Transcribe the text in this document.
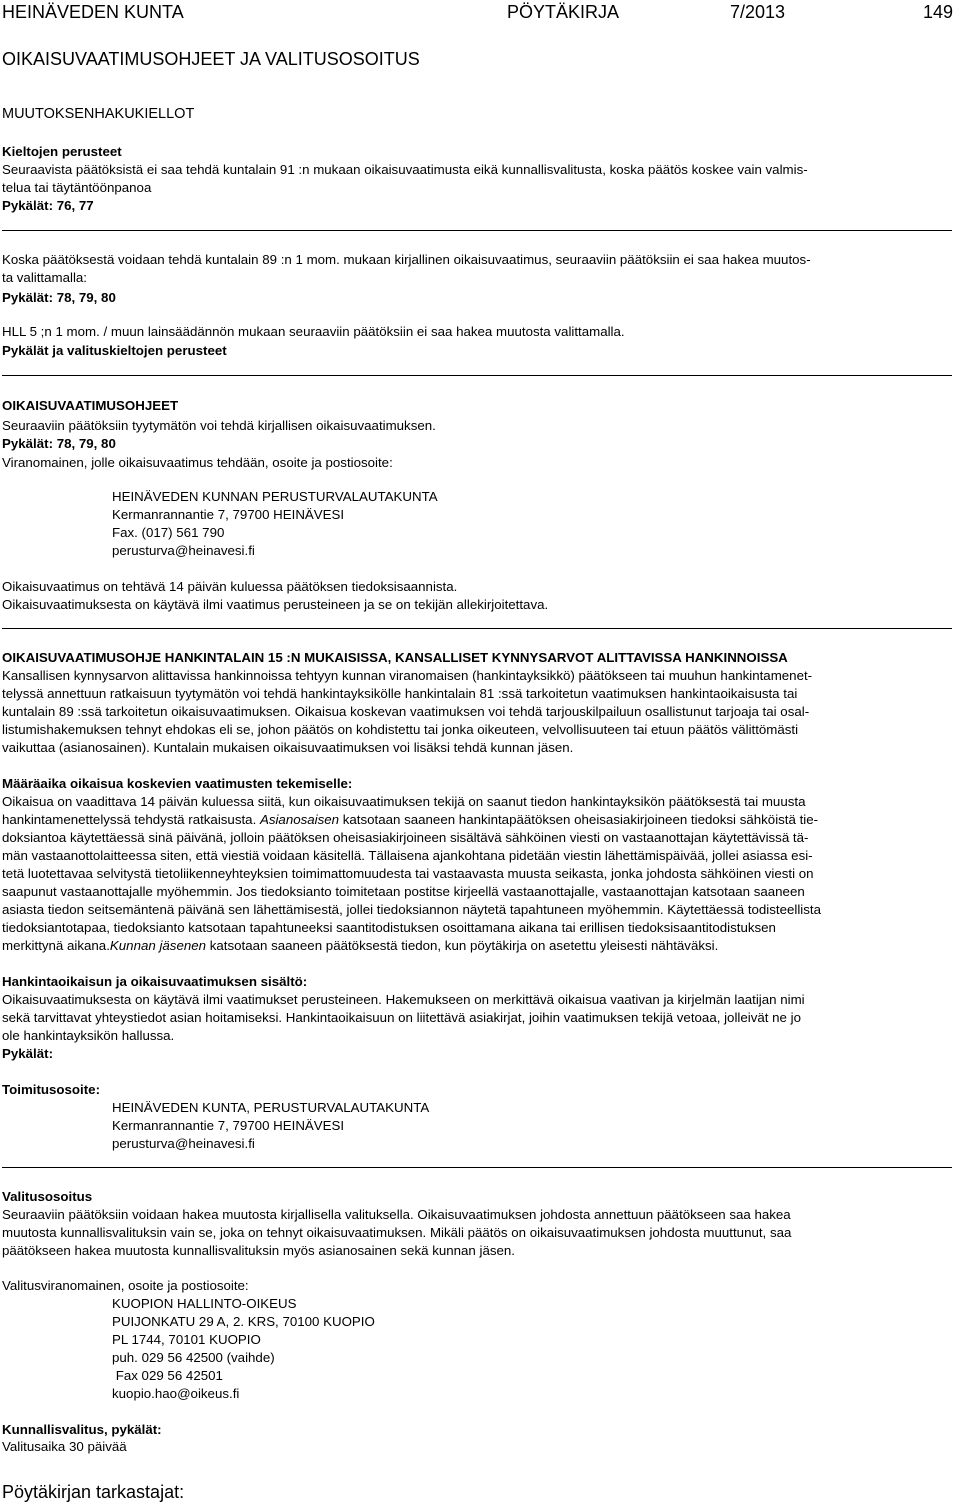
HEINÄVEDEN KUNTA	PÖYTÄKIRJA	7/2013	149
OIKAISUVAATIMUSOHJEET JA VALITUSOSOITUS
MUUTOKSENHAKUKIELLOT
Kieltojen perusteet
Seuraavista päätöksistä ei saa tehdä kuntalain 91 :n mukaan oikaisuvaatimusta eikä kunnallisvalitusta, koska päätös koskee vain valmis-
telua tai täytäntöönpanoa
Pykälät: 76, 77
Koska päätöksestä voidaan tehdä kuntalain 89 :n 1 mom. mukaan kirjallinen oikaisuvaatimus, seuraaviin päätöksiin ei saa hakea muutos-
ta valittamalla:
Pykälät: 78, 79, 80
HLL 5 ;n 1 mom. / muun lainsäädännön mukaan seuraaviin päätöksiin ei saa hakea muutosta valittamalla.
Pykälät ja valituskieltojen perusteet
OIKAISUVAATIMUSOHJEET
Seuraaviin päätöksiin tyytymätön voi tehdä kirjallisen oikaisuvaatimuksen.
Pykälät: 78, 79, 80
Viranomainen, jolle oikaisuvaatimus tehdään, osoite ja postiosoite:
HEINÄVEDEN KUNNAN PERUSTURVALAUTAKUNTA
Kermanrannantie 7, 79700 HEINÄVESI
Fax. (017) 561 790
perusturva@heinavesi.fi
Oikaisuvaatimus on tehtävä 14 päivän kuluessa päätöksen tiedoksisaannista.
Oikaisuvaatimuksesta on käytävä ilmi vaatimus perusteineen ja se on tekijän allekirjoitettava.
OIKAISUVAATIMUSOHJE HANKINTALAIN 15 :N MUKAISISSA, KANSALLISET KYNNYSARVOT ALITTAVISSA HANKINNOISSA
Kansallisen kynnysarvon alittavissa hankinnoissa tehtyyn kunnan viranomaisen (hankintayksikkö) päätökseen tai muuhun hankintamenet-
telyssä annettuun ratkaisuun tyytymätön voi tehdä hankintayksikölle hankintalain 81 :ssä tarkoitetun vaatimuksen hankintaoikaisusta tai
kuntalain 89 :ssä tarkoitetun oikaisuvaatimuksen. Oikaisua koskevan vaatimuksen voi tehdä tarjouskilpailuun osallistunut tarjoaja tai osal-
listumishakemuksen tehnyt ehdokas eli se, johon päätös on kohdistettu tai jonka oikeuteen, velvollisuuteen tai etuun päätös välittömästi
vaikuttaa (asianosainen). Kuntalain mukaisen oikaisuvaatimuksen voi lisäksi tehdä kunnan jäsen.
Määräaika oikaisua koskevien vaatimusten tekemiselle:
Oikaisua on vaadittava 14 päivän kuluessa siitä, kun oikaisuvaatimuksen tekijä on saanut tiedon hankintayksikön päätöksestä tai muusta
hankintamenettelyssä tehdystä ratkaisusta. Asianosaisen katsotaan saaneen hankintapäätöksen oheisasiakirjoineen tiedoksi sähköistä tie-
doksiantoa käytettäessä sinä päivänä, jolloin päätöksen oheisasiakirjoineen sisältävä sähköinen viesti on vastaanottajan käytettävissä tä-
män vastaanottolaitteessa siten, että viestiä voidaan käsitellä. Tällaisena ajankohtana pidetään viestin lähettämispäivää, jollei asiassa esi-
tetä luotettavaa selvitystä tietoliikenneyhteyksien toimimattomuudesta tai vastaavasta muusta seikasta, jonka johdosta sähköinen viesti on
saapunut vastaanottajalle myöhemmin. Jos tiedoksianto toimitetaan postitse kirjeellä vastaanottajalle, vastaanottajan katsotaan saaneen
asiasta tiedon seitsemäntenä päivänä sen lähettämisestä, jollei tiedoksiannon näytetä tapahtuneen myöhemmin. Käytettäessä todisteellista
tiedoksiantotapaa, tiedoksianto katsotaan tapahtuneeksi saantitodistuksen osoittamana aikana tai erillisen tiedoksisaantitodistuksen
merkittynä aikana.Kunnan jäsenen katsotaan saaneen päätöksestä tiedon, kun pöytäkirja on asetettu yleisesti nähtäväksi.
Hankintaoikaisun ja oikaisuvaatimuksen sisältö:
Oikaisuvaatimuksesta on käytävä ilmi vaatimukset perusteineen. Hakemukseen on merkittävä oikaisua vaativan ja kirjelmän laatijan nimi
sekä tarvittavat yhteystiedot asian hoitamiseksi. Hankintaoikaisuun on liitettävä asiakirjat, joihin vaatimuksen tekijä vetoaa, jolleivät ne jo
ole hankintayksikön hallussa.
Pykälät:
Toimitusosoite:
HEINÄVEDEN KUNTA, PERUSTURVALAUTAKUNTA
Kermanrannantie 7, 79700 HEINÄVESI
perusturva@heinavesi.fi
Valitusosoitus
Seuraaviin päätöksiin voidaan hakea muutosta kirjallisella valituksella. Oikaisuvaatimuksen johdosta annettuun päätökseen saa hakea
muutosta kunnallisvalituksin vain se, joka on tehnyt oikaisuvaatimuksen. Mikäli päätös on oikaisuvaatimuksen johdosta muuttunut, saa
päätökseen hakea muutosta kunnallisvalituksin myös asianosainen sekä kunnan jäsen.
Valitusviranomainen, osoite ja postiosoite:
KUOPION HALLINTO-OIKEUS
PUIJONKATU 29 A, 2. KRS, 70100 KUOPIO
PL 1744, 70101 KUOPIO
puh. 029 56 42500 (vaihde)
Fax 029 56 42501
kuopio.hao@oikeus.fi
Kunnallisvalitus, pykälät:
Valitusaika 30 päivää
Pöytäkirjan tarkastajat:
